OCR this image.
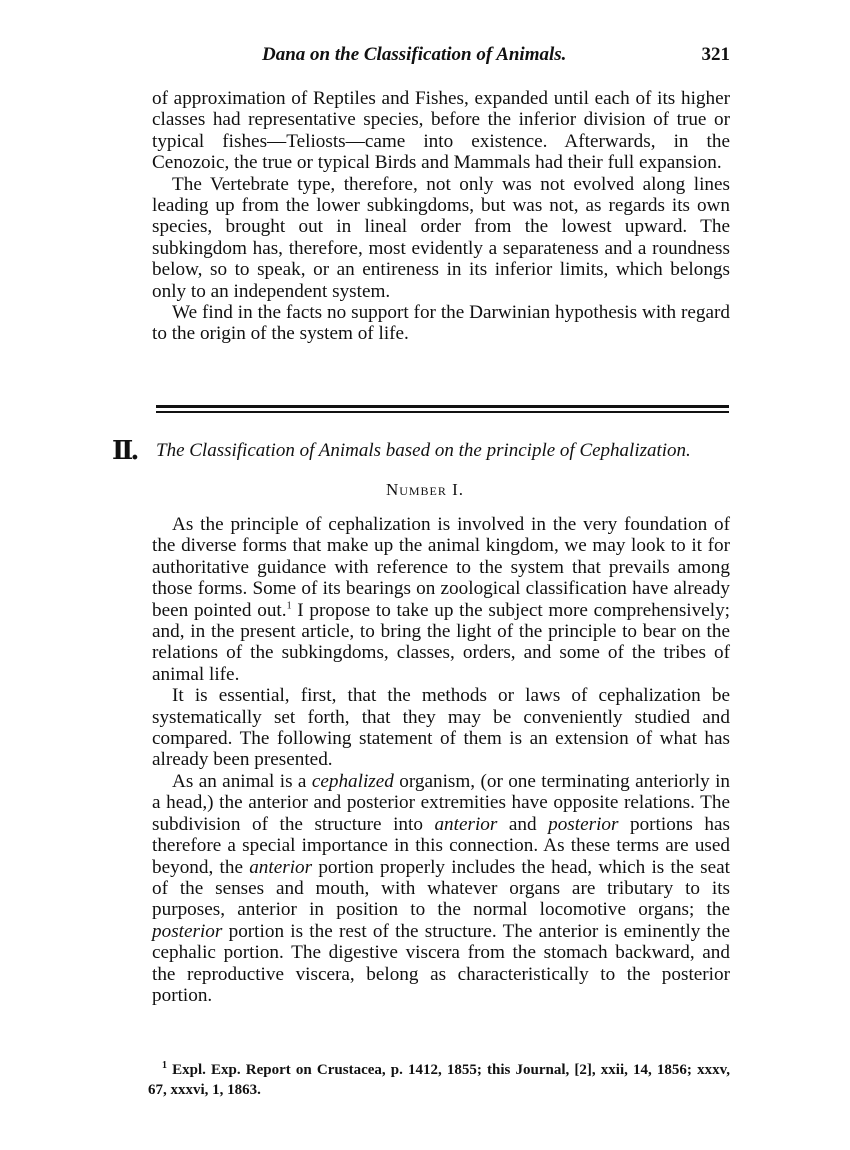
Dana on the Classification of Animals.	321

of approximation of Reptiles and Fishes, expanded until each of its higher classes had representative species, before the inferior division of true or typical fishes—Teliosts—came into existence. Afterwards, in the Cenozoic, the true or typical Birds and Mammals had their full expansion.

The Vertebrate type, therefore, not only was not evolved along lines leading up from the lower subkingdoms, but was not, as regards its own species, brought out in lineal order from the lowest upward. The subkingdom has, therefore, most evidently a separateness and a roundness below, so to speak, or an entireness in its inferior limits, which belongs only to an independent system.

We find in the facts no support for the Darwinian hypothesis with regard to the origin of the system of life.

II. The Classification of Animals based on the principle of Cephalization.
Number I.

As the principle of cephalization is involved in the very foundation of the diverse forms that make up the animal kingdom, we may look to it for authoritative guidance with reference to the system that prevails among those forms. Some of its bearings on zoological classification have already been pointed out.$^1$ I propose to take up the subject more comprehensively; and, in the present article, to bring the light of the principle to bear on the relations of the subkingdoms, classes, orders, and some of the tribes of animal life.

It is essential, first, that the methods or laws of cephalization be systematically set forth, that they may be conveniently studied and compared. The following statement of them is an extension of what has already been presented.

As an animal is a cephalized organism, (or one terminating anteriorly in a head,) the anterior and posterior extremities have opposite relations. The subdivision of the structure into anterior and posterior portions has therefore a special importance in this connection. As these terms are used beyond, the anterior portion properly includes the head, which is the seat of the senses and mouth, with whatever organs are tributary to its purposes, anterior in position to the normal locomotive organs; the posterior portion is the rest of the structure. The anterior is eminently the cephalic portion. The digestive viscera from the stomach backward, and the reproductive viscera, belong as characteristically to the posterior portion.

$^1$ Expl. Exp. Report on Crustacea, p. 1412, 1855; this Journal, [2], xxii, 14, 1856; xxxv, 67, xxxvi, 1, 1863.
